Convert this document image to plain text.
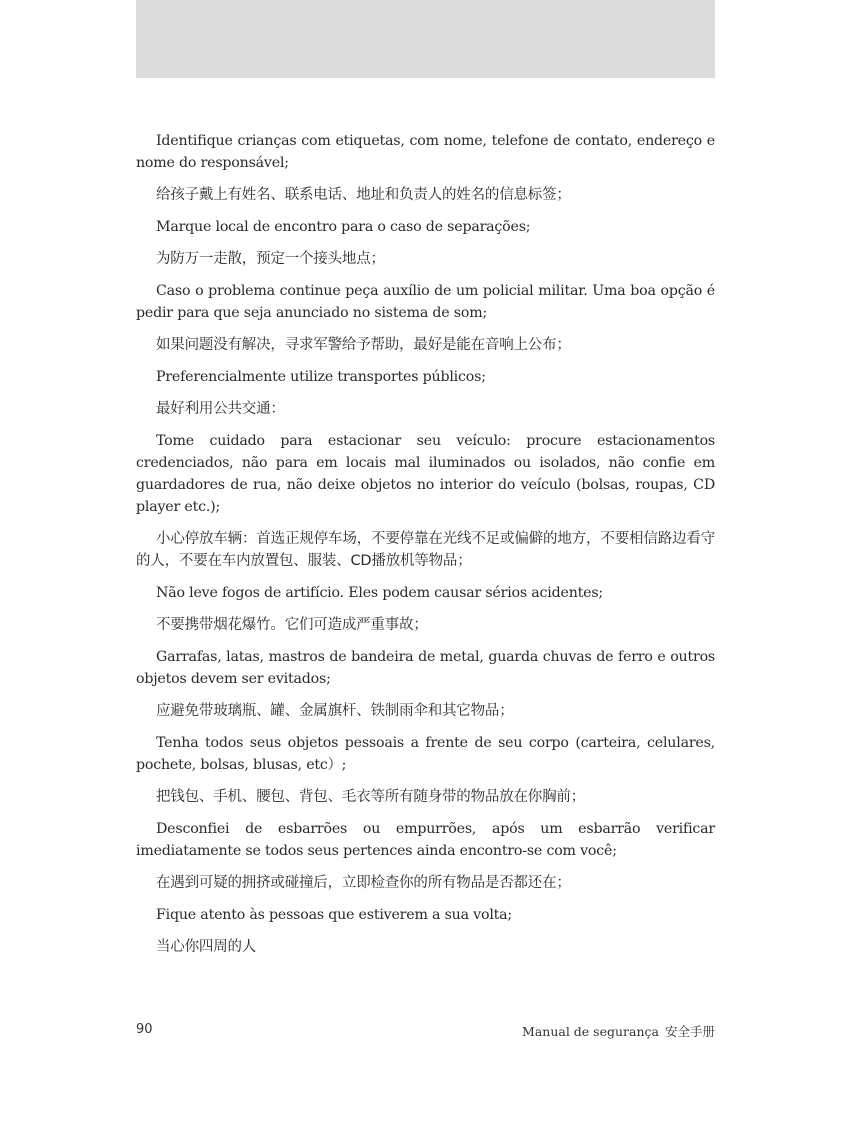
Identifique crianças com etiquetas, com nome, telefone de contato, endereço e nome do responsável;

给孩子戴上有姓名、联系电话、地址和负责人的姓名的信息标签；

Marque local de encontro para o caso de separações;

为防万一走散，预定一个接头地点；

Caso o problema continue peça auxílio de um policial militar. Uma boa opção é pedir para que seja anunciado no sistema de som;

如果问题没有解决，寻求军警给予帮助，最好是能在音响上公布；

Preferencialmente utilize transportes públicos;

最好利用公共交通：

Tome cuidado para estacionar seu veículo: procure estacionamentos credenciados, não para em locais mal iluminados ou isolados, não confie em guardadores de rua, não deixe objetos no interior do veículo (bolsas, roupas, CD player etc.);

小心停放车辆：首选正规停车场，不要停靠在光线不足或偏僻的地方，不要相信路边看守的人，不要在车内放置包、服装、CD播放机等物品；

Não leve fogos de artifício. Eles podem causar sérios acidentes;

不要携带烟花爆竹。它们可造成严重事故；

Garrafas, latas, mastros de bandeira de metal, guarda chuvas de ferro e outros objetos devem ser evitados;

应避免带玻璃瓶、罐、金属旗杆、铁制雨伞和其它物品；

Tenha todos seus objetos pessoais a frente de seu corpo (carteira, celulares, pochete, bolsas, blusas, etc）;

把钱包、手机、腰包、背包、毛衣等所有随身带的物品放在你胸前；

Desconfiei de esbarrões ou empurrões, após um esbarrão verificar imediatamente se todos seus pertences ainda encontro-se com você;

在遇到可疑的拥挤或碰撞后，立即检查你的所有物品是否都还在；

Fique atento às pessoas que estiverem a sua volta;

当心你四周的人

90	Manual de segurança 安全手册
